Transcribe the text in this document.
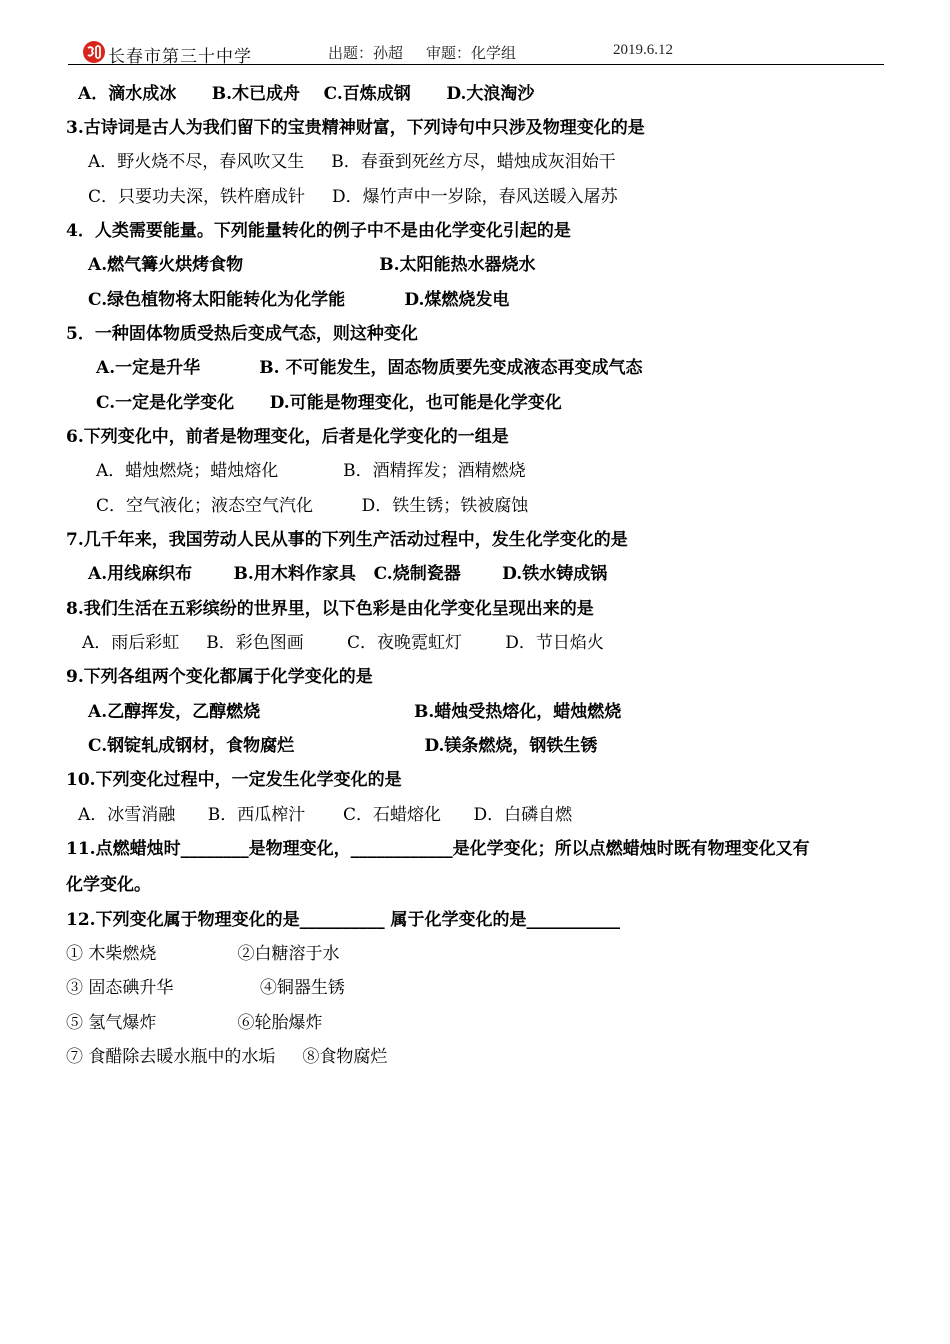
长春市第三十中学	出题：孙超 审题：化学组	2019.6.12
A．滴水成冰      B.木已成舟    C.百炼成钢      D.大浪淘沙
3.古诗词是古人为我们留下的宝贵精神财富，下列诗句中只涉及物理变化的是
A．野火烧不尽，春风吹又生     B．春蚕到死丝方尽，蜡烛成灰泪始干
C．只要功夫深，铁杵磨成针     D．爆竹声中一岁除，春风送暖入屠苏
4．人类需要能量。下列能量转化的例子中不是由化学变化引起的是
A.燃气篝火烘烤食物                       B.太阳能热水器烧水
C.绿色植物将太阳能转化为化学能          D.煤燃烧发电
5．一种固体物质受热后变成气态，则这种变化
A.一定是升华          B. 不可能发生，固态物质要先变成液态再变成气态
C.一定是化学变化      D.可能是物理变化，也可能是化学变化
6.下列变化中，前者是物理变化，后者是化学变化的一组是
A．蜡烛燃烧；蜡烛熔化            B．酒精挥发；酒精燃烧
C．空气液化；液态空气汽化         D．铁生锈；铁被腐蚀
7.几千年来，我国劳动人民从事的下列生产活动过程中，发生化学变化的是
A.用线麻织布       B.用木料作家具   C.烧制瓷器       D.铁水铸成锅
8.我们生活在五彩缤纷的世界里，以下色彩是由化学变化呈现出来的是
A．雨后彩虹     B．彩色图画        C．夜晚霓虹灯        D．节日焰火
9.下列各组两个变化都属于化学变化的是
A.乙醇挥发，乙醇燃烧                          B.蜡烛受热熔化，蜡烛燃烧
C.钢锭轧成钢材，食物腐烂                      D.镁条燃烧，钢铁生锈
10.下列变化过程中，一定发生化学变化的是
A．冰雪消融      B．西瓜榨汁       C．石蜡熔化      D．白磷自燃
11.点燃蜡烛时________是物理变化，____________是化学变化；所以点燃蜡烛时既有物理变化又有
化学变化。
12.下列变化属于物理变化的是__________ 属于化学变化的是___________
① 木柴燃烧               ②白糖溶于水
③ 固态碘升华                ④铜器生锈
⑤ 氢气爆炸               ⑥轮胎爆炸
⑦ 食醋除去暖水瓶中的水垢     ⑧食物腐烂
